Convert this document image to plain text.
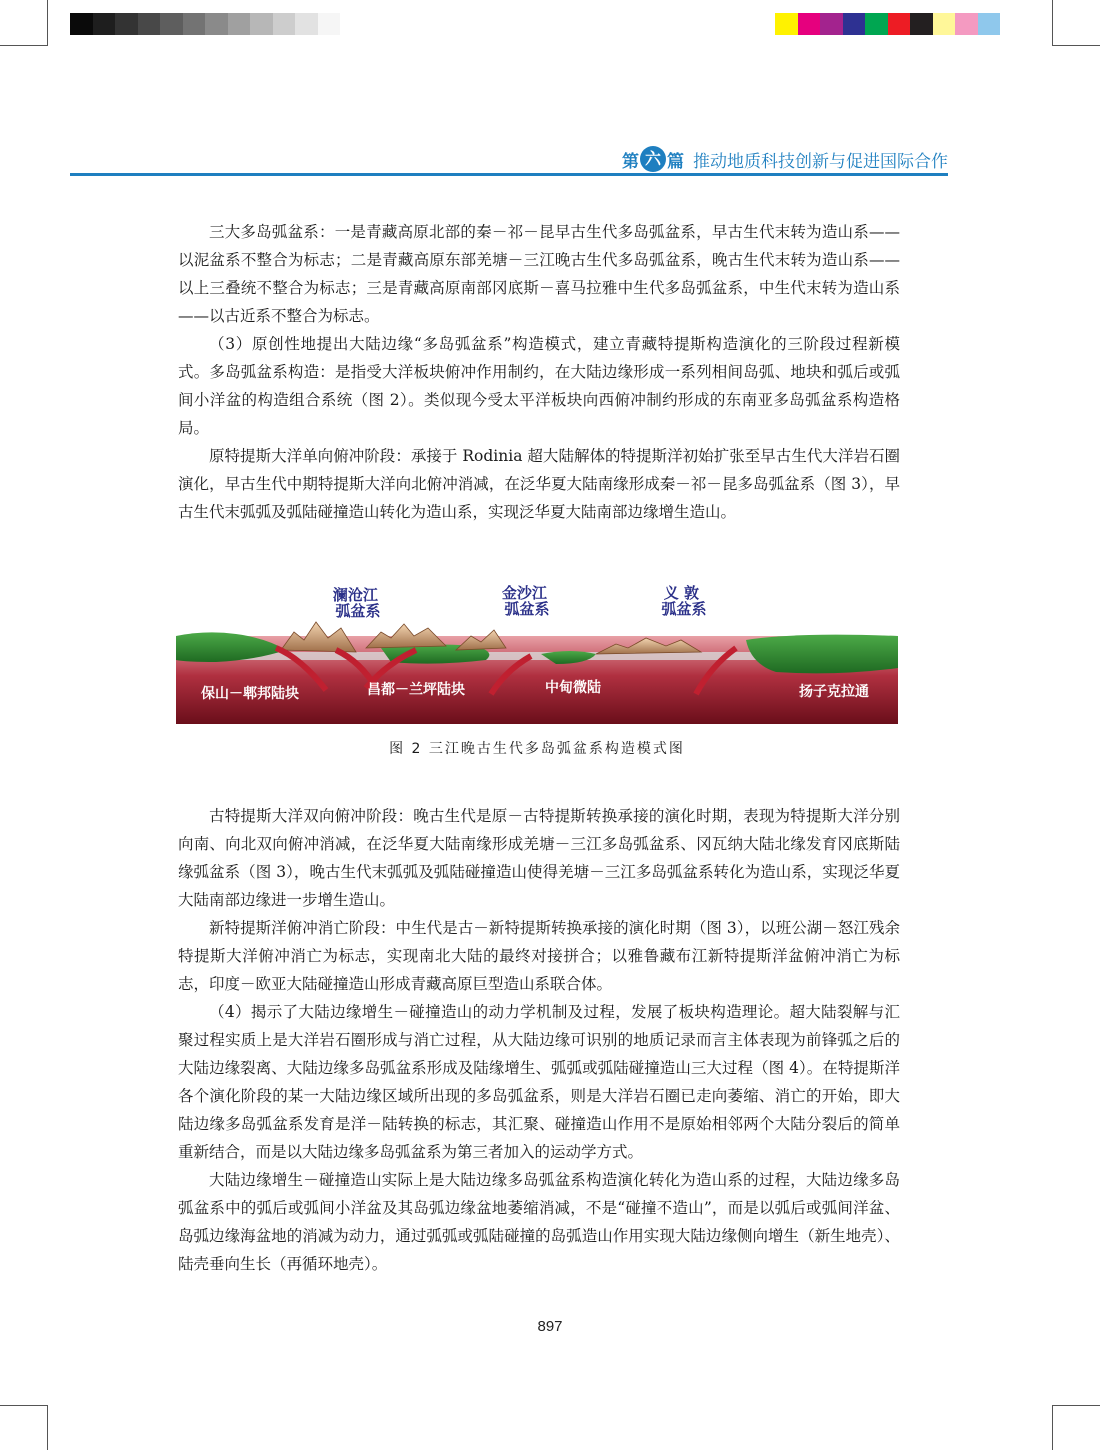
第 六 篇 推动地质科技创新与促进国际合作

三大多岛弧盆系：一是青藏高原北部的秦－祁－昆早古生代多岛弧盆系，早古生代末转为造山系——以泥盆系不整合为标志；二是青藏高原东部羌塘－三江晚古生代多岛弧盆系，晚古生代末转为造山系——以上三叠统不整合为标志；三是青藏高原南部冈底斯－喜马拉雅中生代多岛弧盆系，中生代末转为造山系——以古近系不整合为标志。

（3）原创性地提出大陆边缘“多岛弧盆系”构造模式，建立青藏特提斯构造演化的三阶段过程新模式。多岛弧盆系构造：是指受大洋板块俯冲作用制约，在大陆边缘形成一系列相间岛弧、地块和弧后或弧间小洋盆的构造组合系统（图 2）。类似现今受太平洋板块向西俯冲制约形成的东南亚多岛弧盆系构造格局。

原特提斯大洋单向俯冲阶段：承接于 Rodinia 超大陆解体的特提斯洋初始扩张至早古生代大洋岩石圈演化，早古生代中期特提斯大洋向北俯冲消减，在泛华夏大陆南缘形成秦－祁－昆多岛弧盆系（图 3），早古生代末弧弧及弧陆碰撞造山转化为造山系，实现泛华夏大陆南部边缘增生造山。

澜沧江 弧盆系
金沙江 弧盆系
义 敦 弧盆系
保山－郫邦陆块	昌都－兰坪陆块	中甸微陆	扬子克拉通
图 2 三江晚古生代多岛弧盆系构造模式图

古特提斯大洋双向俯冲阶段：晚古生代是原－古特提斯转换承接的演化时期，表现为特提斯大洋分别向南、向北双向俯冲消减，在泛华夏大陆南缘形成羌塘－三江多岛弧盆系、冈瓦纳大陆北缘发育冈底斯陆缘弧盆系（图 3），晚古生代末弧弧及弧陆碰撞造山使得羌塘－三江多岛弧盆系转化为造山系，实现泛华夏大陆南部边缘进一步增生造山。

新特提斯洋俯冲消亡阶段：中生代是古－新特提斯转换承接的演化时期（图 3），以班公湖－怒江残余特提斯大洋俯冲消亡为标志，实现南北大陆的最终对接拼合；以雅鲁藏布江新特提斯洋盆俯冲消亡为标志，印度－欧亚大陆碰撞造山形成青藏高原巨型造山系联合体。

（4）揭示了大陆边缘增生－碰撞造山的动力学机制及过程，发展了板块构造理论。超大陆裂解与汇聚过程实质上是大洋岩石圈形成与消亡过程，从大陆边缘可识别的地质记录而言主体表现为前锋弧之后的大陆边缘裂离、大陆边缘多岛弧盆系形成及陆缘增生、弧弧或弧陆碰撞造山三大过程（图 4）。在特提斯洋各个演化阶段的某一大陆边缘区域所出现的多岛弧盆系，则是大洋岩石圈已走向萎缩、消亡的开始，即大陆边缘多岛弧盆系发育是洋－陆转换的标志，其汇聚、碰撞造山作用不是原始相邻两个大陆分裂后的简单重新结合，而是以大陆边缘多岛弧盆系为第三者加入的运动学方式。

大陆边缘增生－碰撞造山实际上是大陆边缘多岛弧盆系构造演化转化为造山系的过程，大陆边缘多岛弧盆系中的弧后或弧间小洋盆及其岛弧边缘盆地萎缩消减，不是“碰撞不造山”，而是以弧后或弧间洋盆、岛弧边缘海盆地的消减为动力，通过弧弧或弧陆碰撞的岛弧造山作用实现大陆边缘侧向增生（新生地壳）、陆壳垂向生长（再循环地壳）。

897
